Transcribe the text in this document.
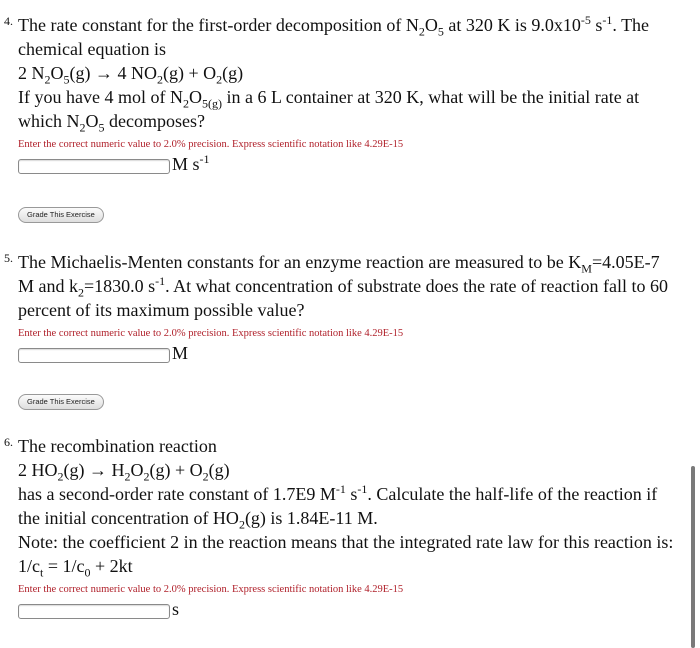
4. The rate constant for the first-order decomposition of $N_2O_5$ at 320 K is $9.0x10^{-5}$ $s^{-1}$. The
chemical equation is
2 $N_2O_5(g) \to 4$ $NO_2(g) + O_2(g)$
If you have 4 mol of $N_2O_{5(g)}$ in a 6 L container at 320 K, what will be the initial rate at
which $N_2O_5$ decomposes?
Enter the correct numeric value to 2.0% precision. Express scientific notation like 4.29E-15
M $s^{-1}$
Grade This Exercise
5. The Michaelis-Menten constants for an enzyme reaction are measured to be $K_M=4.05E-7$
M and $k_2=1830.0$ $s^{-1}$. At what concentration of substrate does the rate of reaction fall to 60
percent of its maximum possible value?
Enter the correct numeric value to 2.0% precision. Express scientific notation like 4.29E-15
M
Grade This Exercise
6. The recombination reaction
2 $HO_2(g) \to H_2O_2(g) + O_2(g)$
has a second-order rate constant of 1.7E9 $M^{-1}$ $s^{-1}$. Calculate the half-life of the reaction if
the initial concentration of $HO_2(g)$ is 1.84E-11 M.
Note: the coefficient 2 in the reaction means that the integrated rate law for this reaction is:
$1/c_t = 1/c_0 + 2kt$
Enter the correct numeric value to 2.0% precision. Express scientific notation like 4.29E-15
s
